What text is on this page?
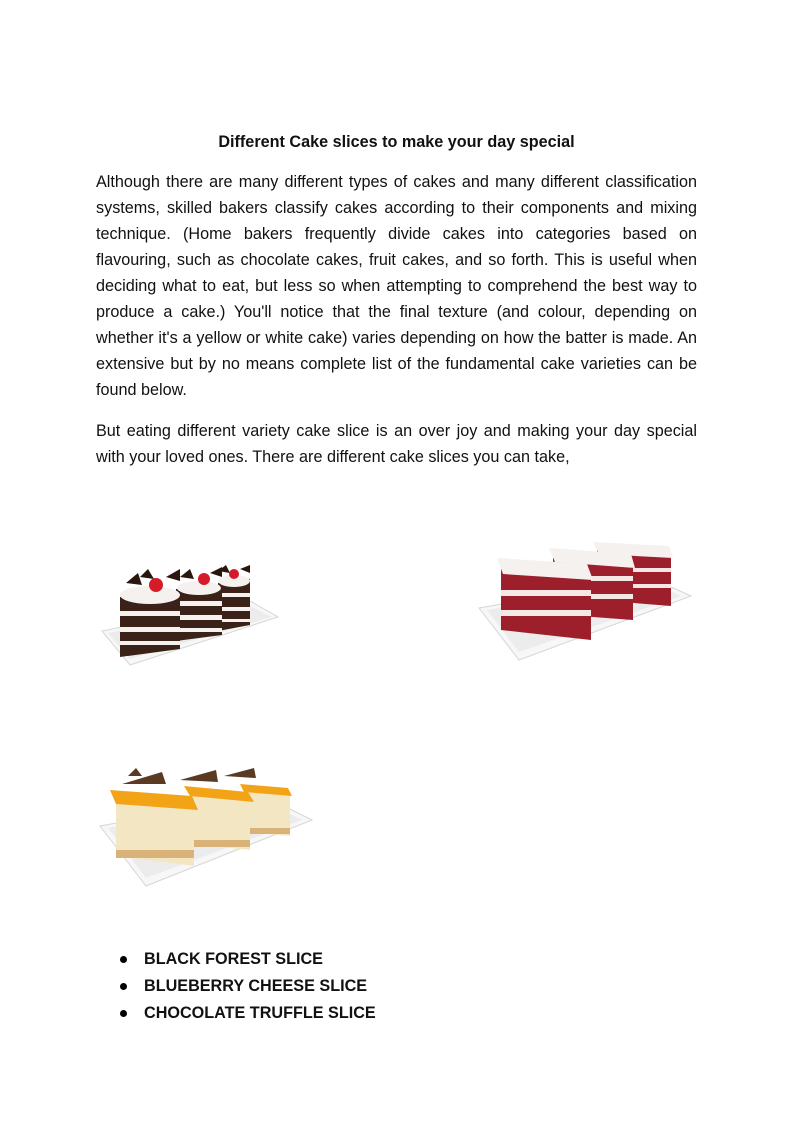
Different Cake slices to make your day special

Although there are many different types of cakes and many different classification systems, skilled bakers classify cakes according to their components and mixing technique. (Home bakers frequently divide cakes into categories based on flavouring, such as chocolate cakes, fruit cakes, and so forth. This is useful when deciding what to eat, but less so when attempting to comprehend the best way to produce a cake.) You'll notice that the final texture (and colour, depending on whether it's a yellow or white cake) varies depending on how the batter is made. An extensive but by no means complete list of the fundamental cake varieties can be found below.

But eating different variety cake slice is an over joy and making your day special with your loved ones. There are different cake slices you can take,

BLACK FOREST SLICE
BLUEBERRY CHEESE SLICE
CHOCOLATE TRUFFLE SLICE
